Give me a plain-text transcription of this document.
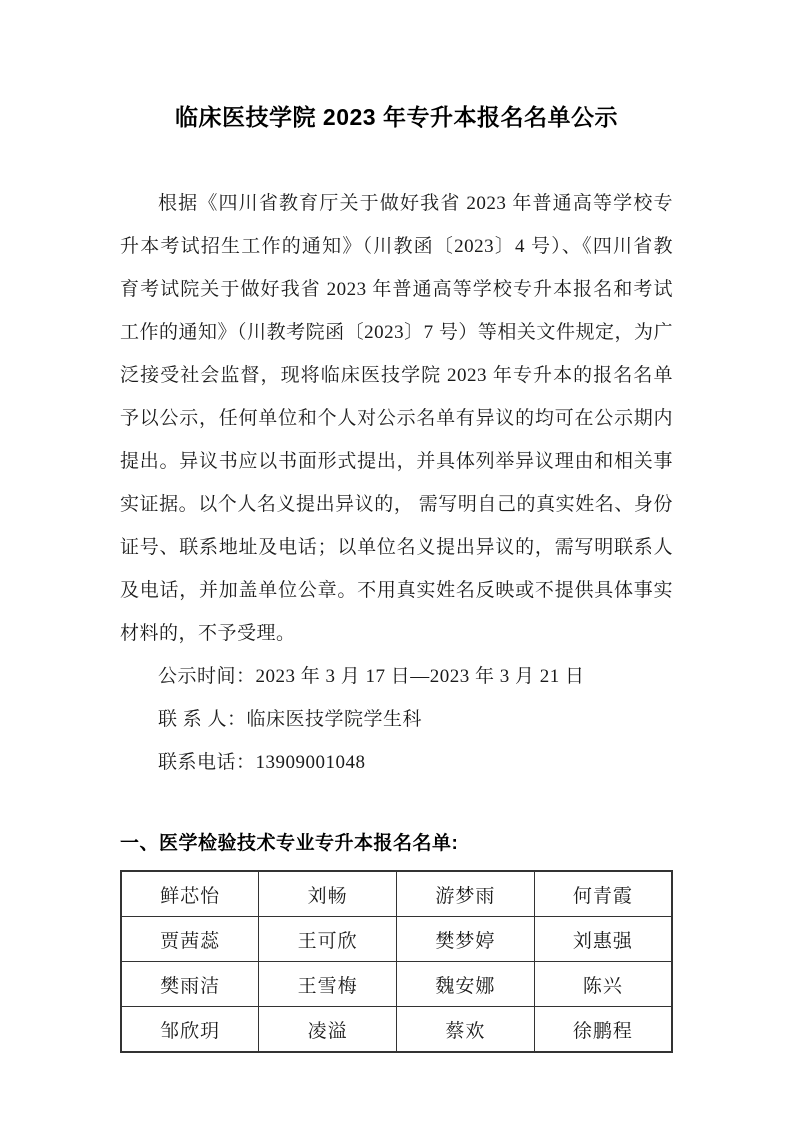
临床医技学院 2023 年专升本报名名单公示

根据《四川省教育厅关于做好我省 2023 年普通高等学校专升本考试招生工作的通知》（川教函〔2023〕4 号）、《四川省教育考试院关于做好我省 2023 年普通高等学校专升本报名和考试工作的通知》（川教考院函〔2023〕7 号）等相关文件规定，为广泛接受社会监督，现将临床医技学院 2023 年专升本的报名名单予以公示，任何单位和个人对公示名单有异议的均可在公示期内提出。异议书应以书面形式提出，并具体列举异议理由和相关事实证据。以个人名义提出异议的， 需写明自己的真实姓名、身份证号、联系地址及电话；以单位名义提出异议的，需写明联系人及电话，并加盖单位公章。不用真实姓名反映或不提供具体事实材料的，不予受理。

公示时间：2023 年 3 月 17 日—2023 年 3 月 21 日
联 系 人：临床医技学院学生科
联系电话：13909001048
一、医学检验技术专业专升本报名名单:
鲜芯怡	刘畅	游梦雨	何青霞
贾茜蕊	王可欣	樊梦婷	刘惠强
樊雨洁	王雪梅	魏安娜	陈兴
邹欣玥	凌溢	蔡欢	徐鹏程
